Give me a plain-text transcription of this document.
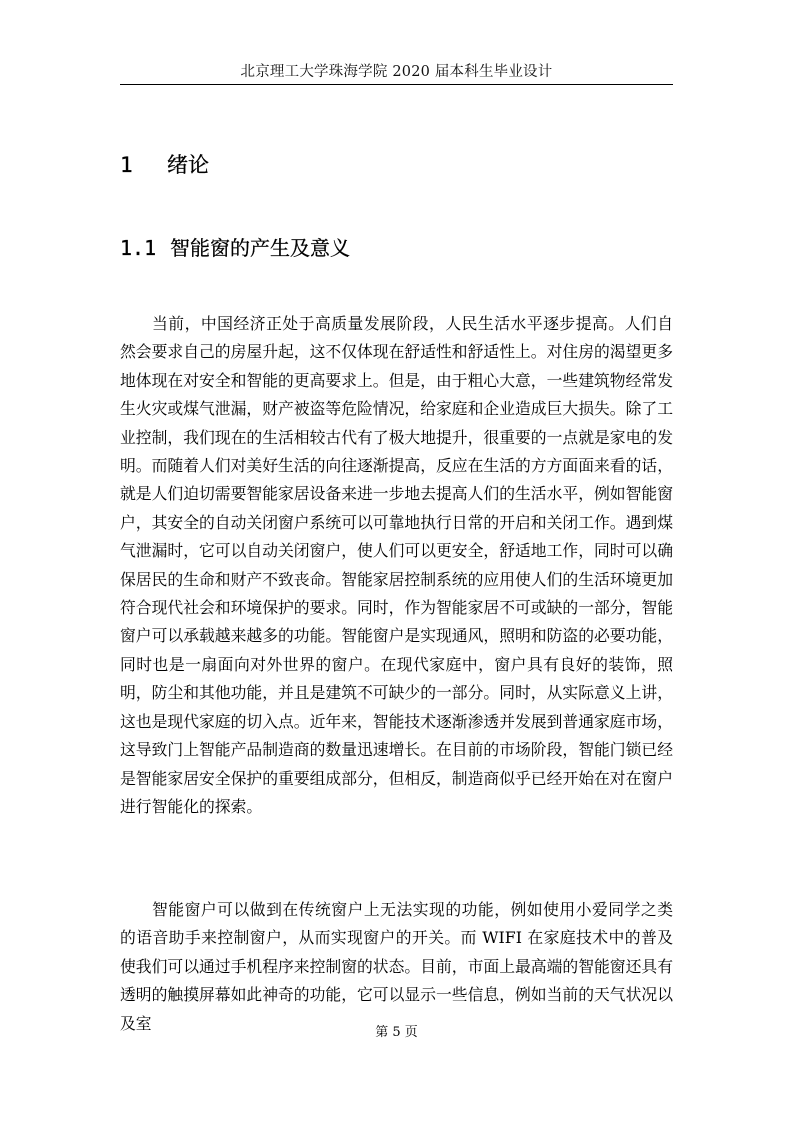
北京理工大学珠海学院 2020 届本科生毕业设计
1	绪论
1.1 智能窗的产生及意义

当前，中国经济正处于高质量发展阶段，人民生活水平逐步提高。人们自然会要求自己的房屋升起，这不仅体现在舒适性和舒适性上。对住房的渴望更多地体现在对安全和智能的更高要求上。但是，由于粗心大意，一些建筑物经常发生火灾或煤气泄漏，财产被盗等危险情况，给家庭和企业造成巨大损失。除了工业控制，我们现在的生活相较古代有了极大地提升，很重要的一点就是家电的发明。而随着人们对美好生活的向往逐渐提高，反应在生活的方方面面来看的话，就是人们迫切需要智能家居设备来进一步地去提高人们的生活水平，例如智能窗户，其安全的自动关闭窗户系统可以可靠地执行日常的开启和关闭工作。遇到煤气泄漏时，它可以自动关闭窗户，使人们可以更安全，舒适地工作，同时可以确保居民的生命和财产不致丧命。智能家居控制系统的应用使人们的生活环境更加符合现代社会和环境保护的要求。同时，作为智能家居不可或缺的一部分，智能窗户可以承载越来越多的功能。智能窗户是实现通风，照明和防盗的必要功能，同时也是一扇面向对外世界的窗户。在现代家庭中，窗户具有良好的装饰，照明，防尘和其他功能，并且是建筑不可缺少的一部分。同时，从实际意义上讲，这也是现代家庭的切入点。近年来，智能技术逐渐渗透并发展到普通家庭市场，这导致门上智能产品制造商的数量迅速增长。在目前的市场阶段，智能门锁已经是智能家居安全保护的重要组成部分，但相反，制造商似乎已经开始在对在窗户进行智能化的探索。

智能窗户可以做到在传统窗户上无法实现的功能，例如使用小爱同学之类的语音助手来控制窗户，从而实现窗户的开关。而 WIFI 在家庭技术中的普及使我们可以通过手机程序来控制窗的状态。目前，市面上最高端的智能窗还具有透明的触摸屏幕如此神奇的功能，它可以显示一些信息，例如当前的天气状况以及室	第 5 页
